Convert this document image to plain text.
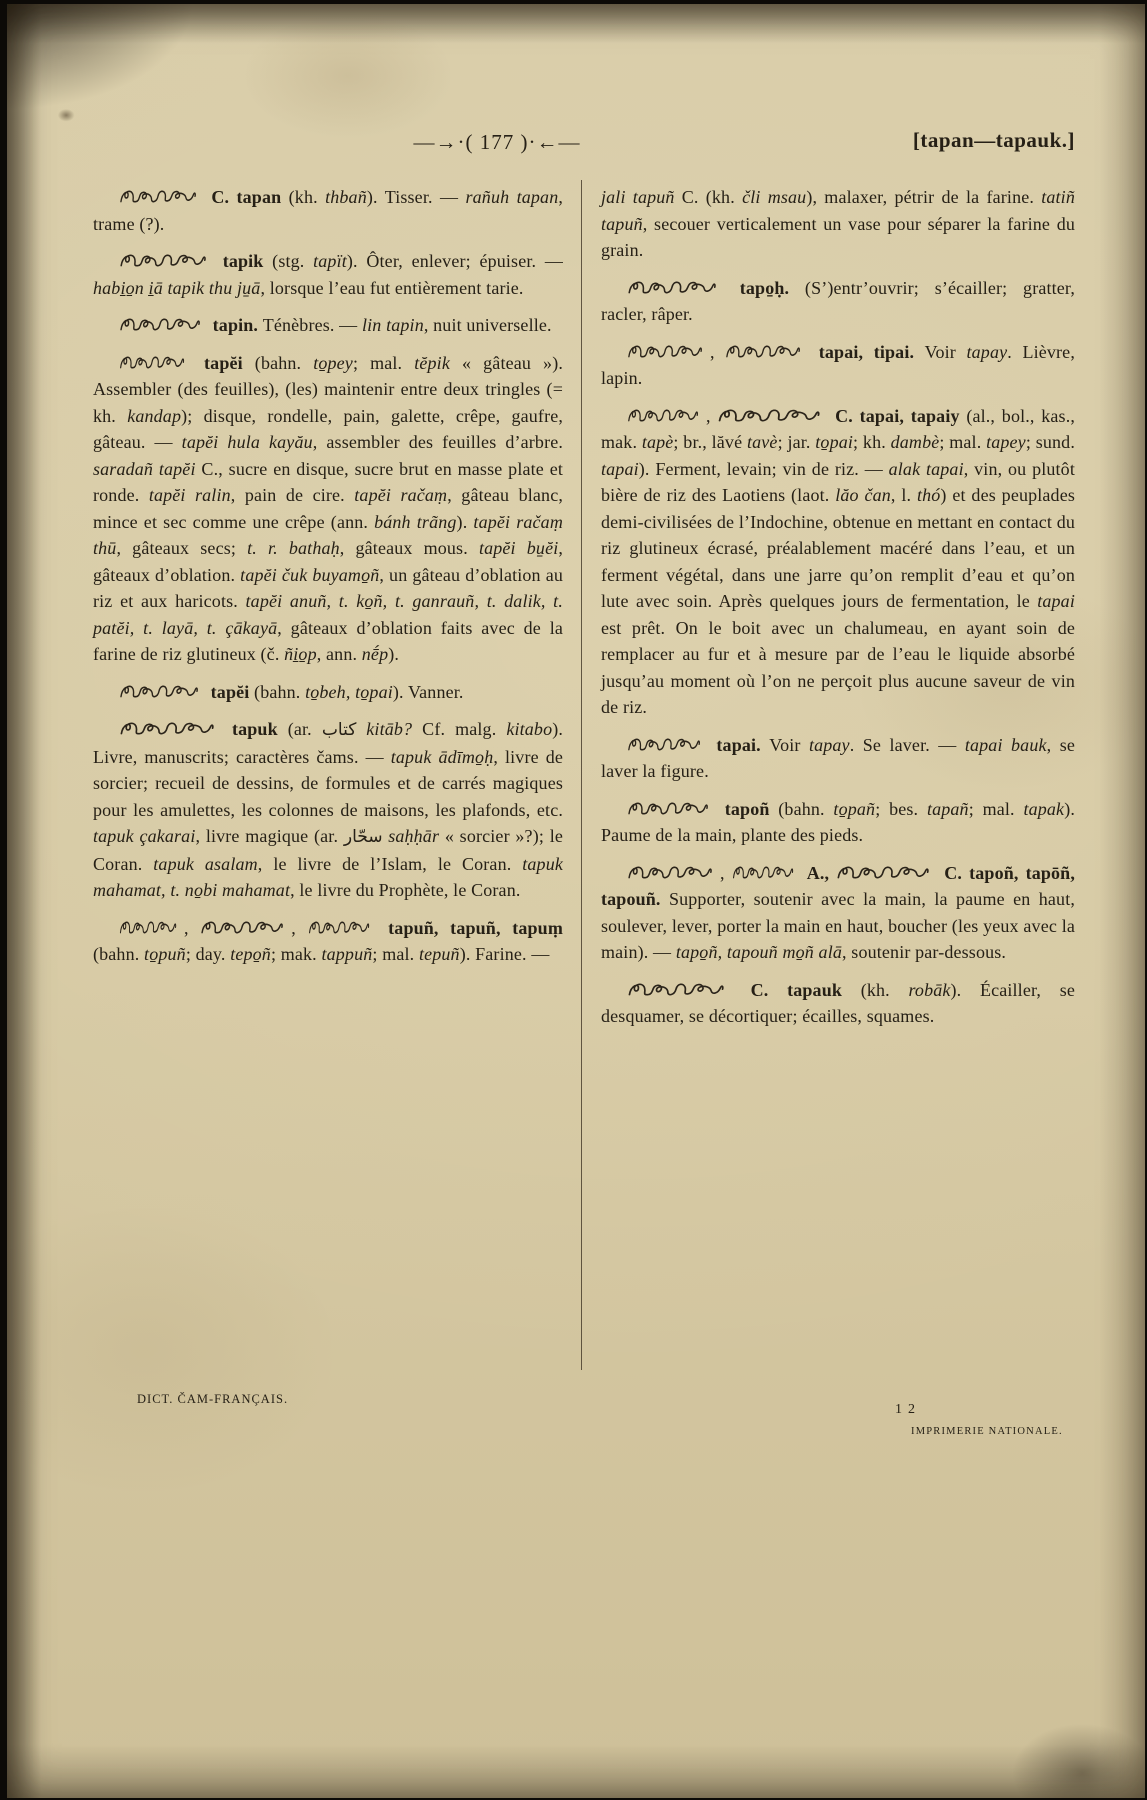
—→·( 177 )·←—	[tapan—tapauk.]

C. tapan (kh. thbañ). Tisser. — rañuh tapan, trame (?).

tapik (stg. tapït). Ôter, enlever; épuiser. — habi̱o̱n i̱ā tapik thu ju̱ā, lorsque l’eau fut entièrement tarie.

tapin. Ténèbres. — lin tapin, nuit universelle.

tapĕi (bahn. to̱pey; mal. tĕpik « gâteau »). Assembler (des feuilles), (les) maintenir entre deux tringles (= kh. kandap); disque, rondelle, pain, galette, crêpe, gaufre, gâteau. — tapĕi hula kayău, assembler des feuilles d’arbre. saradañ tapĕi C., sucre en disque, sucre brut en masse plate et ronde. tapĕi ralin, pain de cire. tapĕi račaṃ, gâteau blanc, mince et sec comme une crêpe (ann. bánh trãng). tapĕi račaṃ thū, gâteaux secs; t. r. bathaḥ, gâteaux mous. tapĕi bu̱ĕi, gâteaux d’oblation. tapĕi čuk buyamo̱ñ, un gâteau d’oblation au riz et aux haricots. tapĕi anuñ, t. ko̱ñ, t. ganrauñ, t. dalik, t. patĕi, t. layā, t. çākayā, gâteaux d’oblation faits avec de la farine de riz glutineux (č. ñi̱o̱p, ann. nḗp).

tapĕi (bahn. to̱beh, to̱pai). Vanner.

tapuk (ar. كتاب kitāb? Cf. malg. kitabo). Livre, manuscrits; caractères čams. — tapuk ādīmo̱ḥ, livre de sorcier; recueil de dessins, de formules et de carrés magiques pour les amulettes, les colonnes de maisons, les plafonds, etc. tapuk çakarai, livre magique (ar. سحّار saḥḥār « sorcier »?); le Coran. tapuk asalam, le livre de l’Islam, le Coran. tapuk mahamat, t. no̱bi mahamat, le livre du Prophète, le Coran.

,	,	tapuñ, tapuñ, tapuṃ (bahn. to̱puñ; day. tepo̱ñ; mak. tappuñ; mal. tepuñ). Farine. —

jali tapuñ C. (kh. čli msau), malaxer, pétrir de la farine. tatiñ tapuñ, secouer verticalement un vase pour séparer la farine du grain.

tapo̱ḥ. (S’)entr’ouvrir; s’écailler; gratter, racler, râper.

,	tapai, tipai. Voir tapay. Lièvre, lapin.

,	C. tapai, tapaiy (al., bol., kas., mak. tapè; br., lăvé tavè; jar. to̱pai; kh. dambè; mal. tapey; sund. tapai). Ferment, levain; vin de riz. — alak tapai, vin, ou plutôt bière de riz des Laotiens (laot. lăo čan, l. thó) et des peuplades demi-civilisées de l’Indochine, obtenue en mettant en contact du riz glutineux écrasé, préalablement macéré dans l’eau, et un ferment végétal, dans une jarre qu’on remplit d’eau et qu’on lute avec soin. Après quelques jours de fermentation, le tapai est prêt. On le boit avec un chalumeau, en ayant soin de remplacer au fur et à mesure par de l’eau le liquide absorbé jusqu’au moment où l’on ne perçoit plus aucune saveur de vin de riz.

tapai. Voir tapay. Se laver. — tapai bauk, se laver la figure.

tapoñ (bahn. to̱pañ; bes. tapañ; mal. tapak). Paume de la main, plante des pieds.

,	A.,	C. tapoñ, tapōñ, tapouñ. Supporter, soutenir avec la main, la paume en haut, soulever, lever, porter la main en haut, boucher (les yeux avec la main). — tapo̱ñ, tapouñ mo̱ñ alā, soutenir par-dessous.

C. tapauk (kh. robāk). Écailler, se desquamer, se décortiquer; écailles, squames.

DICT. ČAM-FRANÇAIS.
12
IMPRIMERIE NATIONALE.
